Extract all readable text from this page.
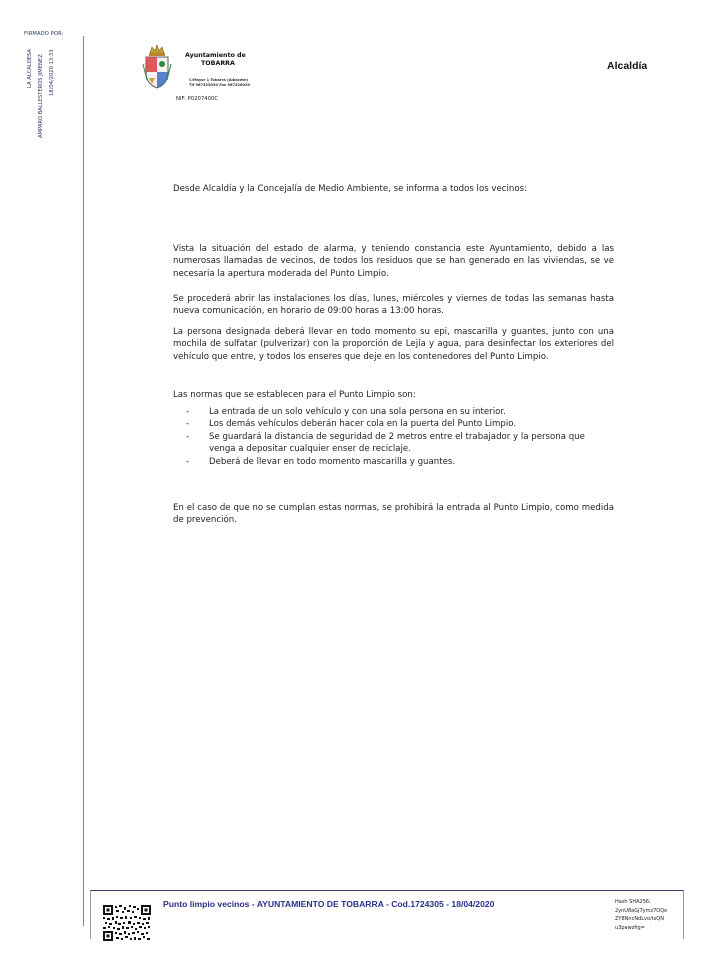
FIRMADO POR:
LA ALCALDESA AMPARO BALLESTEROS JIMENEZ 18/04/2020 13:33	Ayuntamiento de
TOBARRA
C/Mayor 1 Tobarra (Albacete)
Tlf 967325030 Fax 967326020
NIF: P0207400C
Alcaldía

Desde Alcaldía y la Concejalía de Medio Ambiente, se informa a todos los vecinos:

Vista la situación del estado de alarma, y teniendo constancia este Ayuntamiento, debido a las numerosas llamadas de vecinos, de todos los residuos que se han generado en las viviendas, se ve necesaria la apertura moderada del Punto Limpio.

Se procederá abrir las instalaciones los días, lunes, miércoles y viernes de todas las semanas hasta nueva comunicación, en horario de 09:00 horas a 13:00 horas.

La persona designada deberá llevar en todo momento su epi, mascarilla y guantes, junto con una mochila de sulfatar (pulverizar) con la proporción de Lejía y agua, para desinfectar los exteriores del vehículo que entre, y todos los enseres que deje en los contenedores del Punto Limpio.

Las normas que se establecen para el Punto Limpio son:

- La entrada de un solo vehículo y con una sola persona en su interior.
- Los demás vehículos deberán hacer cola en la puerta del Punto Limpio.
- Se guardará la distancia de seguridad de 2 metros entre el trabajador y la persona que venga a depositar cualquier enser de reciclaje.
- Deberá de llevar en todo momento mascarilla y guantes.

En el caso de que no se cumplan estas normas, se prohibirá la entrada al Punto Limpio, como medida de prevención.

Punto limpio vecinos - AYUNTAMIENTO DE TOBARRA - Cod.1724305 - 18/04/2020	Hash SHA256:
2ynU8aGj7ymz7OQe
ZY8NncNdLvo/tsQN
u3pawzfig=
